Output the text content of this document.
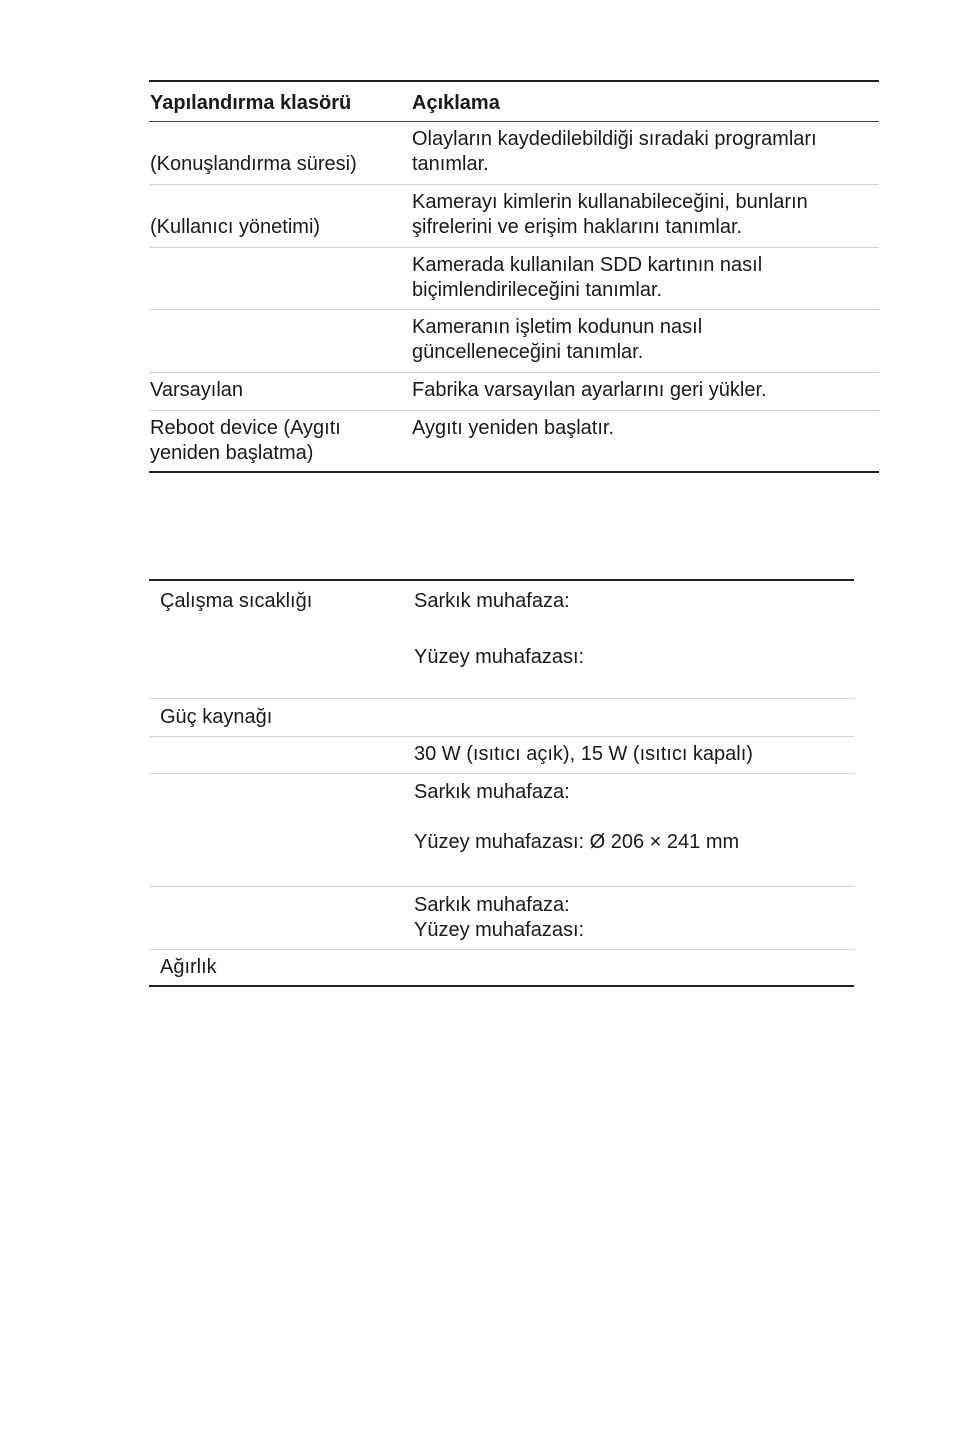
Yapılandırma klasörü	Açıklama
(Konuşlandırma süresi)	Olayların kaydedilebildiği sıradaki programları
tanımlar.

(Kullanıcı yönetimi)	Kamerayı kimlerin kullanabileceğini, bunların
şifrelerini ve erişim haklarını tanımlar.

	Kamerada kullanılan SDD kartının nasıl
biçimlendirileceğini tanımlar.

	Kameranın işletim kodunun nasıl
güncelleneceğini tanımlar.

Varsayılan	Fabrika varsayılan ayarlarını geri yükler.

Reboot device (Aygıtı
yeniden başlatma)	Aygıtı yeniden başlatır.
Çalışma sıcaklığı	Sarkık muhafaza:
Yüzey muhafazası:

Güç kaynağı	

	30 W (ısıtıcı açık), 15 W (ısıtıcı kapalı)

	Sarkık muhafaza:
Yüzey muhafazası: Ø 206 × 241 mm

	Sarkık muhafaza:
Yüzey muhafazası:

Ağırlık	
